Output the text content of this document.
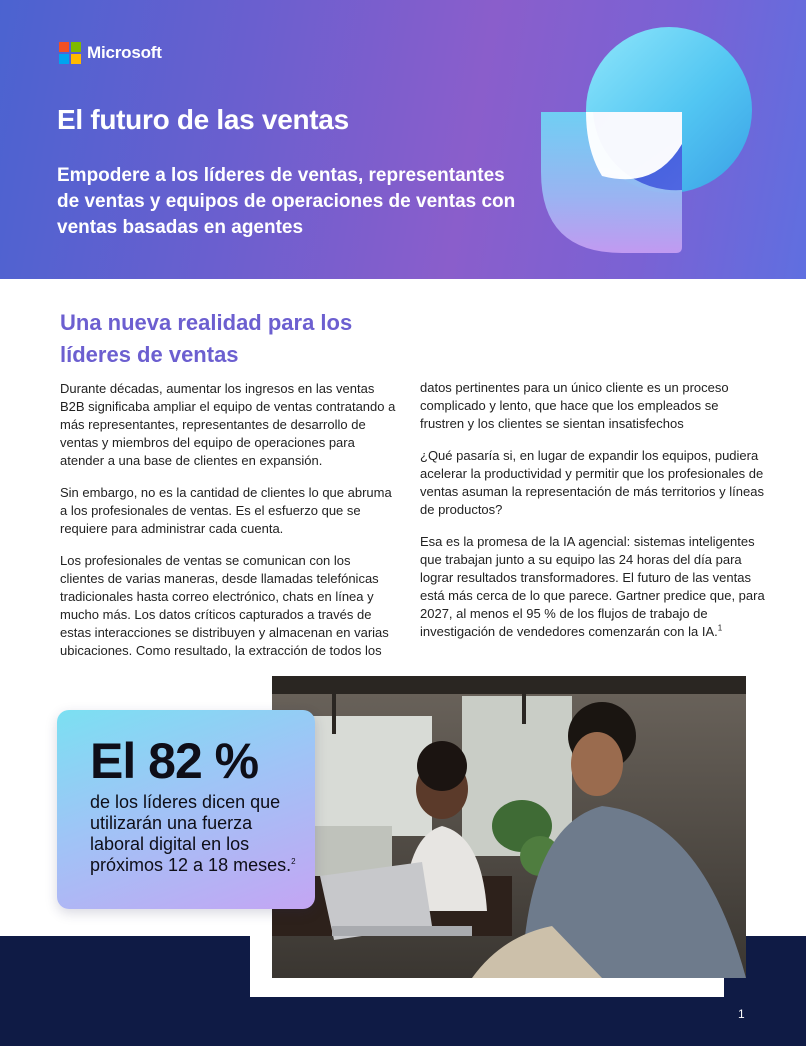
Microsoft
El futuro de las ventas
Empodere a los líderes de ventas, representantes de ventas y equipos de operaciones de ventas con ventas basadas en agentes
Una nueva realidad para los líderes de ventas

Durante décadas, aumentar los ingresos en las ventas B2B significaba ampliar el equipo de ventas contratando a más representantes, representantes de desarrollo de ventas y miembros del equipo de operaciones para atender a una base de clientes en expansión.

Sin embargo, no es la cantidad de clientes lo que abruma a los profesionales de ventas. Es el esfuerzo que se requiere para administrar cada cuenta.

Los profesionales de ventas se comunican con los clientes de varias maneras, desde llamadas telefónicas tradicionales hasta correo electrónico, chats en línea y mucho más. Los datos críticos capturados a través de estas interacciones se distribuyen y almacenan en varias ubicaciones. Como resultado, la extracción de todos los

datos pertinentes para un único cliente es un proceso complicado y lento, que hace que los empleados se frustren y los clientes se sientan insatisfechos

¿Qué pasaría si, en lugar de expandir los equipos, pudiera acelerar la productividad y permitir que los profesionales de ventas asuman la representación de más territorios y líneas de productos?

Esa es la promesa de la IA agencial: sistemas inteligentes que trabajan junto a su equipo las 24 horas del día para lograr resultados transformadores. El futuro de las ventas está más cerca de lo que parece. Gartner predice que, para 2027, al menos el 95 % de los flujos de trabajo de investigación de vendedores comenzarán con la IA.$^1$

El 82 %
de los líderes dicen que utilizarán una fuerza laboral digital en los próximos 12 a 18 meses.$^2$
1
